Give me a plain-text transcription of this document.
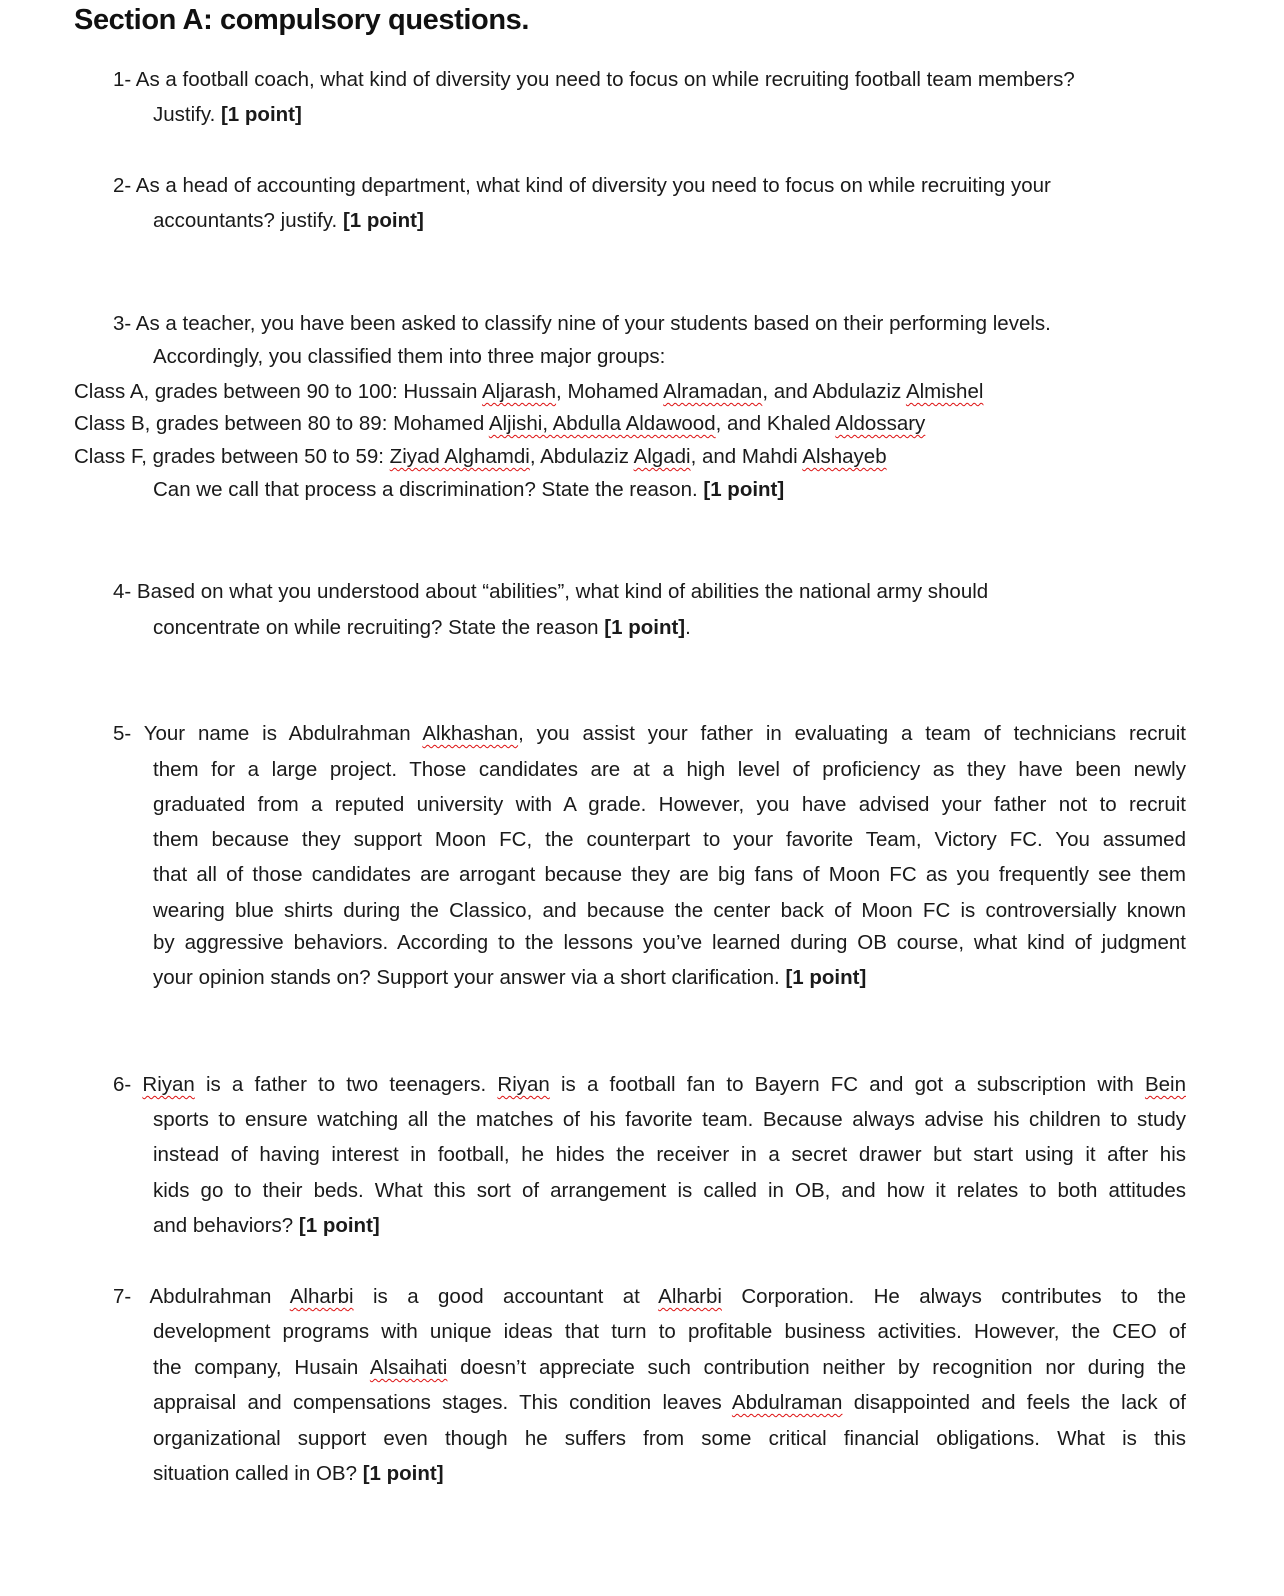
Section A: compulsory questions.
1- As a football coach, what kind of diversity you need to focus on while recruiting football team members?
Justify. [1 point]
2- As a head of accounting department, what kind of diversity you need to focus on while recruiting your
accountants? justify. [1 point]
3- As a teacher, you have been asked to classify nine of your students based on their performing levels.
Accordingly, you classified them into three major groups:
Class A, grades between 90 to 100: Hussain Aljarash, Mohamed Alramadan, and Abdulaziz Almishel
Class B, grades between 80 to 89: Mohamed Aljishi, Abdulla Aldawood, and Khaled Aldossary
Class F, grades between 50 to 59: Ziyad Alghamdi, Abdulaziz Algadi, and Mahdi Alshayeb
Can we call that process a discrimination? State the reason. [1 point]
4- Based on what you understood about “abilities”, what kind of abilities the national army should
concentrate on while recruiting? State the reason [1 point].
5- Your name is Abdulrahman Alkhashan, you assist your father in evaluating a team of technicians recruit
them for a large project. Those candidates are at a high level of proficiency as they have been newly
graduated from a reputed university with A grade. However, you have advised your father not to recruit
them because they support Moon FC, the counterpart to your favorite Team, Victory FC. You assumed
that all of those candidates are arrogant because they are big fans of Moon FC as you frequently see them
wearing blue shirts during the Classico, and because the center back of Moon FC is controversially known
by aggressive behaviors. According to the lessons you’ve learned during OB course, what kind of judgment
your opinion stands on? Support your answer via a short clarification. [1 point]
6- Riyan is a father to two teenagers. Riyan is a football fan to Bayern FC and got a subscription with Bein
sports to ensure watching all the matches of his favorite team. Because always advise his children to study
instead of having interest in football, he hides the receiver in a secret drawer but start using it after his
kids go to their beds. What this sort of arrangement is called in OB, and how it relates to both attitudes
and behaviors? [1 point]
7- Abdulrahman Alharbi is a good accountant at Alharbi Corporation. He always contributes to the
development programs with unique ideas that turn to profitable business activities. However, the CEO of
the company, Husain Alsaihati doesn’t appreciate such contribution neither by recognition nor during the
appraisal and compensations stages. This condition leaves Abdulraman disappointed and feels the lack of
organizational support even though he suffers from some critical financial obligations. What is this
situation called in OB? [1 point]
